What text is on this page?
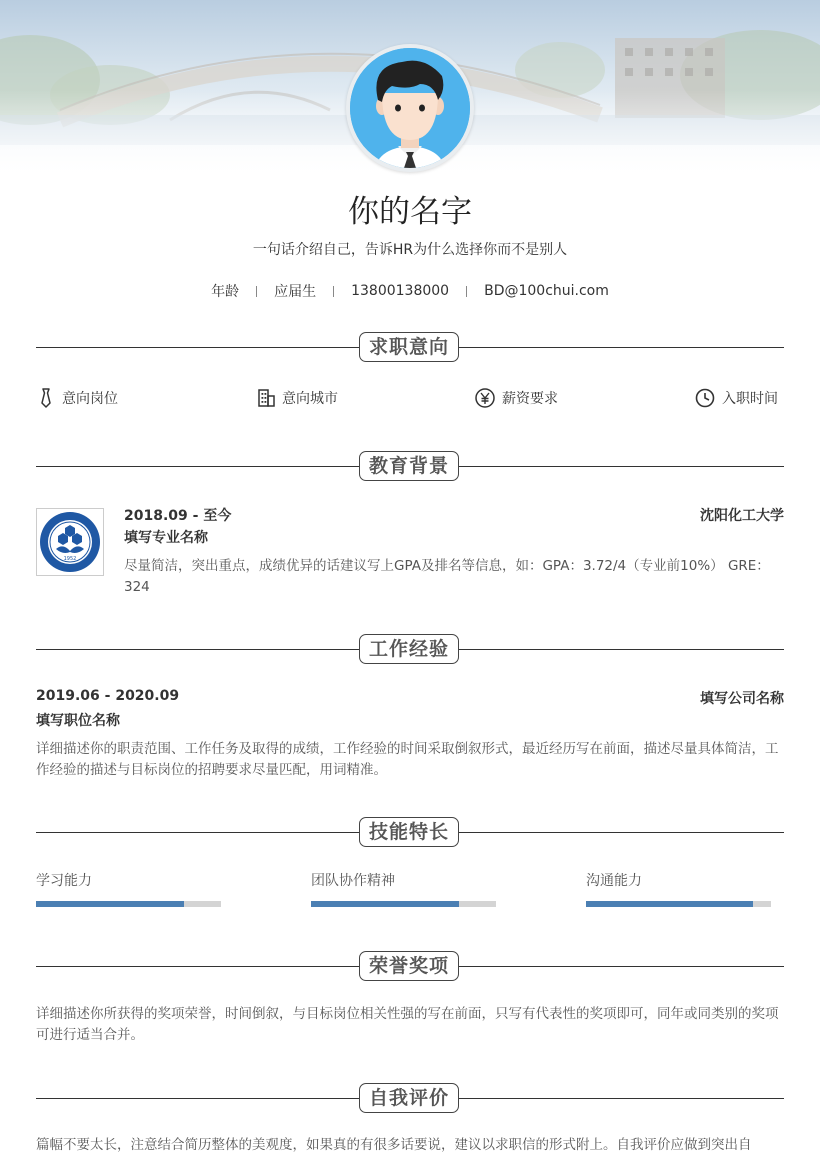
你的名字
一句话介绍自己，告诉HR为什么选择你而不是别人
年龄	应届生	13800138000	BD@100chui.com
求职意向
意向岗位	意向城市	薪资要求	入职时间
教育背景
1952
2018.09 - 至今
填写专业名称
沈阳化工大学
尽量简洁，突出重点，成绩优异的话建议写上GPA及排名等信息，如：GPA：3.72/4（专业前10%） GRE：324
工作经验
2019.06 - 2020.09
填写职位名称
填写公司名称
详细描述你的职责范围、工作任务及取得的成绩，工作经验的时间采取倒叙形式，最近经历写在前面，描述尽量具体简洁，工作经验的描述与目标岗位的招聘要求尽量匹配，用词精准。
技能特长
学习能力	团队协作精神	沟通能力
荣誉奖项
详细描述你所获得的奖项荣誉，时间倒叙，与目标岗位相关性强的写在前面，只写有代表性的奖项即可，同年或同类别的奖项可进行适当合并。
自我评价
篇幅不要太长，注意结合简历整体的美观度，如果真的有很多话要说，建议以求职信的形式附上。自我评价应做到突出自
